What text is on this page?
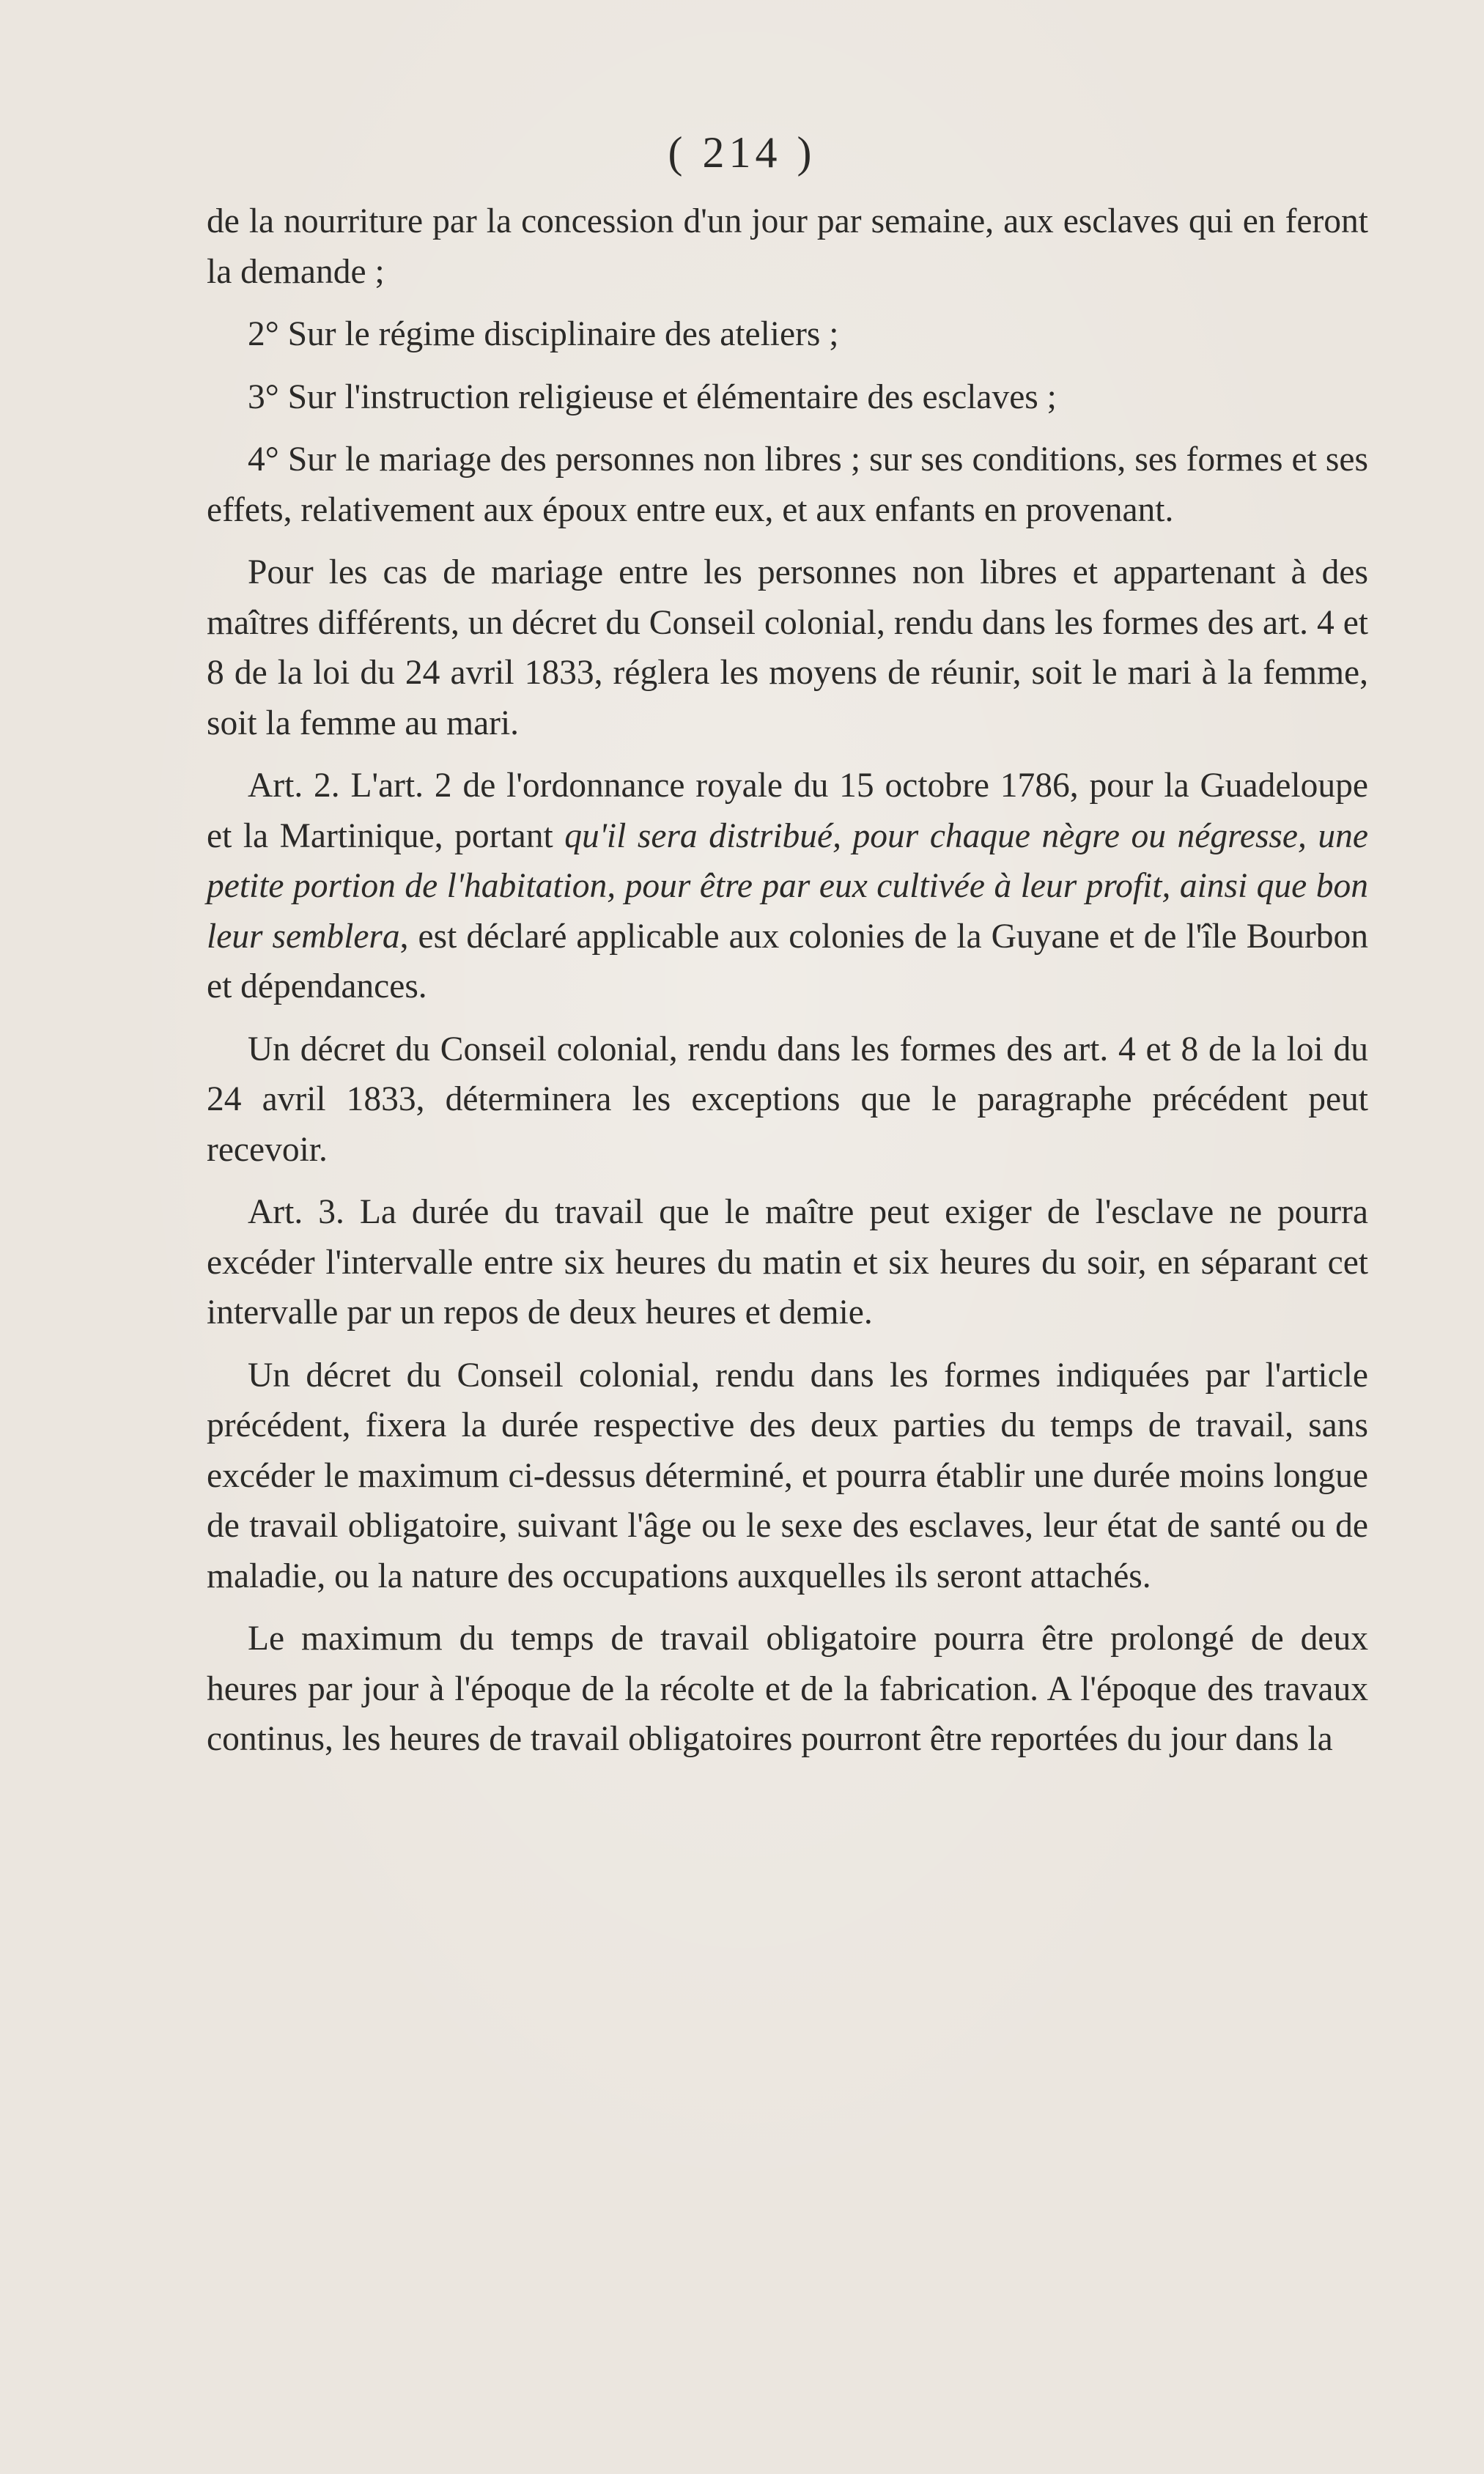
( 214 )

de la nourriture par la concession d'un jour par semaine, aux esclaves qui en feront la demande ;

2° Sur le régime disciplinaire des ateliers ;

3° Sur l'instruction religieuse et élémentaire des esclaves ;

4° Sur le mariage des personnes non libres ; sur ses conditions, ses formes et ses effets, relativement aux époux entre eux, et aux enfants en provenant.

Pour les cas de mariage entre les personnes non libres et appartenant à des maîtres différents, un décret du Conseil colonial, rendu dans les formes des art. 4 et 8 de la loi du 24 avril 1833, réglera les moyens de réunir, soit le mari à la femme, soit la femme au mari.

Art. 2. L'art. 2 de l'ordonnance royale du 15 octobre 1786, pour la Guadeloupe et la Martinique, portant qu'il sera distribué, pour chaque nègre ou négresse, une petite portion de l'habitation, pour être par eux cultivée à leur profit, ainsi que bon leur semblera, est déclaré applicable aux colonies de la Guyane et de l'île Bourbon et dépendances.

Un décret du Conseil colonial, rendu dans les formes des art. 4 et 8 de la loi du 24 avril 1833, déterminera les exceptions que le paragraphe précédent peut recevoir.

Art. 3. La durée du travail que le maître peut exiger de l'esclave ne pourra excéder l'intervalle entre six heures du matin et six heures du soir, en séparant cet intervalle par un repos de deux heures et demie.

Un décret du Conseil colonial, rendu dans les formes indiquées par l'article précédent, fixera la durée respective des deux parties du temps de travail, sans excéder le maximum ci-dessus déterminé, et pourra établir une durée moins longue de travail obligatoire, suivant l'âge ou le sexe des esclaves, leur état de santé ou de maladie, ou la nature des occupations auxquelles ils seront attachés.

Le maximum du temps de travail obligatoire pourra être prolongé de deux heures par jour à l'époque de la récolte et de la fabrication. A l'époque des travaux continus, les heures de travail obligatoires pourront être reportées du jour dans la
